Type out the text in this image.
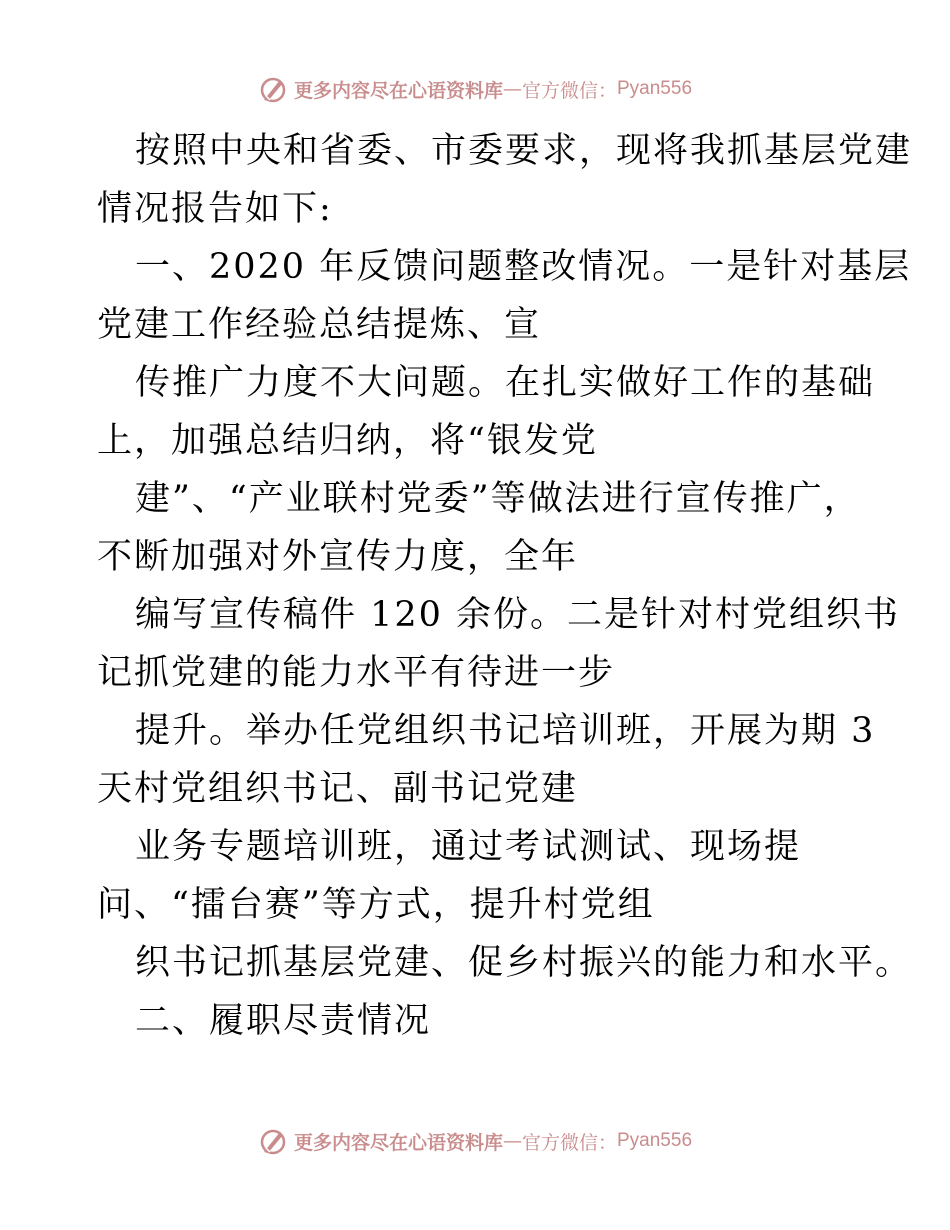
更多内容尽在心语资料库 — 官方微信： Pyan556
按照中央和省委、市委要求，现将我抓基层党建
情况报告如下:
一、2020 年反馈问题整改情况。一是针对基层
党建工作经验总结提炼、宣
传推广力度不大问题。在扎实做好工作的基础
上，加强总结归纳，将“银发党
建”、“产业联村党委”等做法进行宣传推广，
不断加强对外宣传力度，全年
编写宣传稿件 120 余份。二是针对村党组织书
记抓党建的能力水平有待进一步
提升。举办任党组织书记培训班，开展为期 3
天村党组织书记、副书记党建
业务专题培训班，通过考试测试、现场提
问、“擂台赛”等方式，提升村党组
织书记抓基层党建、促乡村振兴的能力和水平。
二、履职尽责情况
更多内容尽在心语资料库 — 官方微信： Pyan556
